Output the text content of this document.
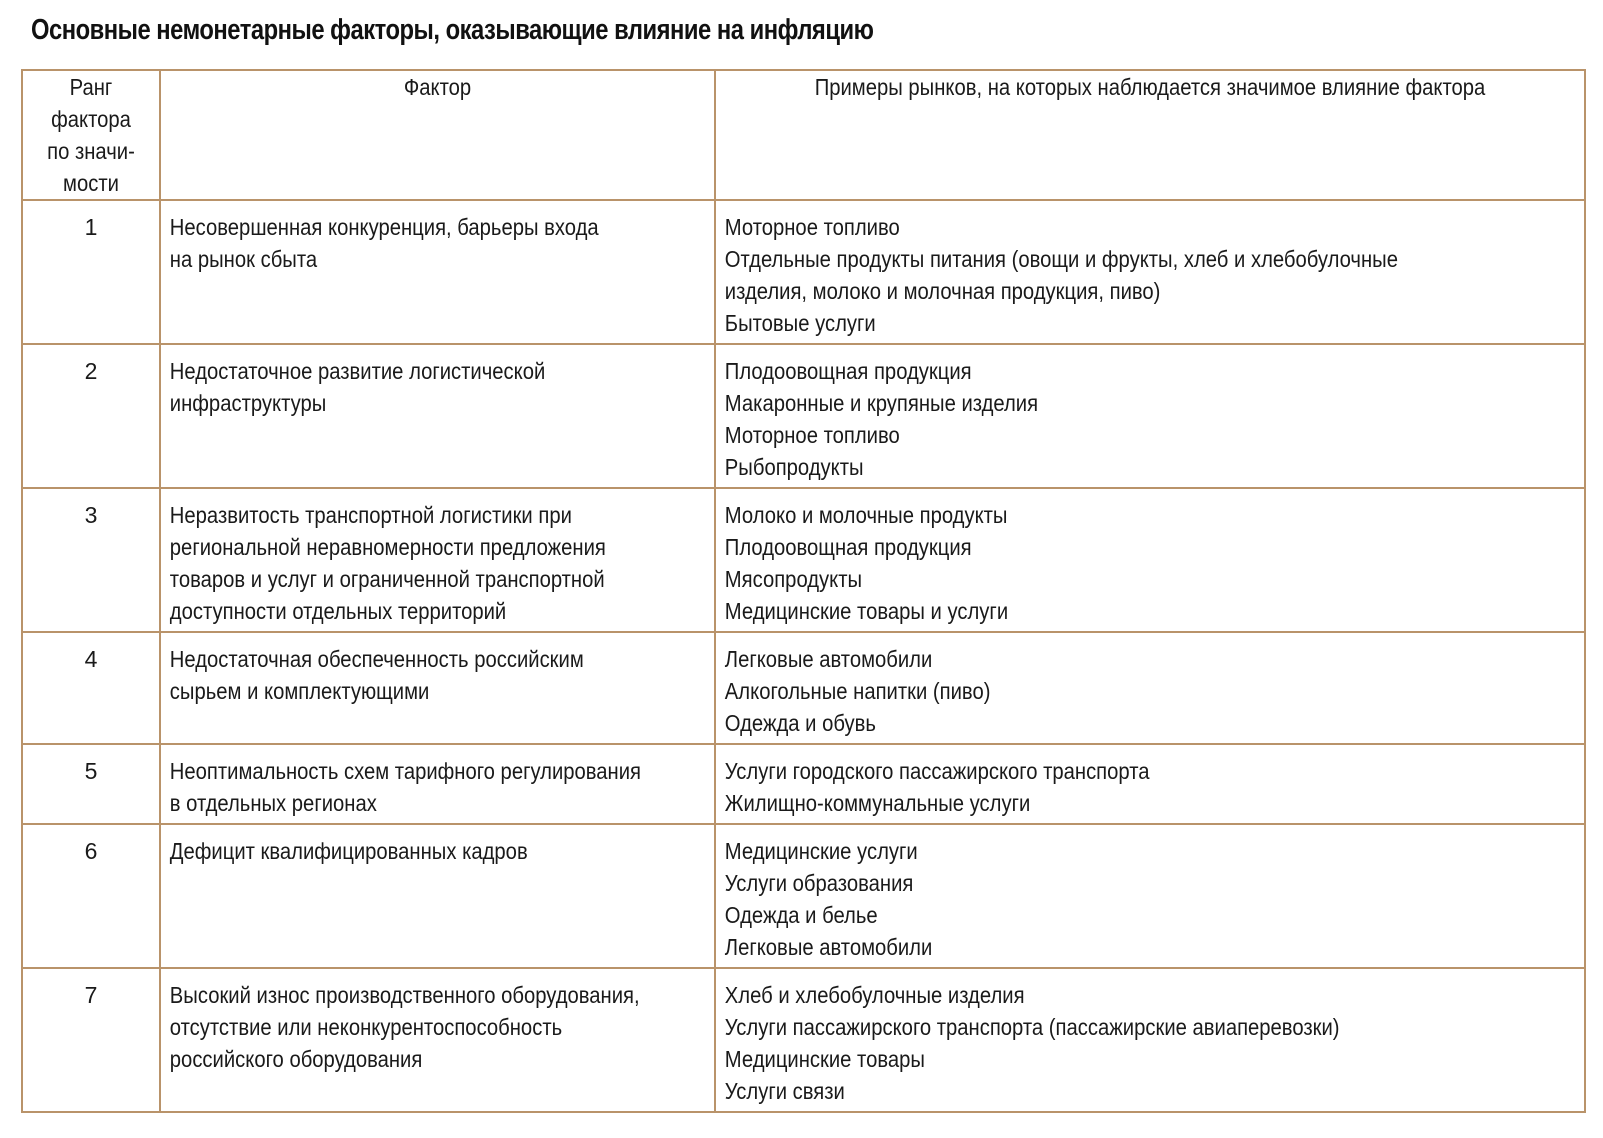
Основные немонетарные факторы, оказывающие влияние на инфляцию
Ранг
фактора
по значи-
мости	Фактор	Примеры рынков, на которых наблюдается значимое влияние фактора

1	Несовершенная конкуренция, барьеры входа
на рынок сбыта	Моторное топливо
Отдельные продукты питания (овощи и фрукты, хлеб и хлебобулочные
изделия, молоко и молочная продукция, пиво)
Бытовые услуги

2	Недостаточное развитие логистической
инфраструктуры	Плодоовощная продукция
Макаронные и крупяные изделия
Моторное топливо
Рыбопродукты

3	Неразвитость транспортной логистики при
региональной неравномерности предложения
товаров и услуг и ограниченной транспортной
доступности отдельных территорий	Молоко и молочные продукты
Плодоовощная продукция
Мясопродукты
Медицинские товары и услуги

4	Недостаточная обеспеченность российским
сырьем и комплектующими	Легковые автомобили
Алкогольные напитки (пиво)
Одежда и обувь

5	Неоптимальность схем тарифного регулирования
в отдельных регионах	Услуги городского пассажирского транспорта
Жилищно-коммунальные услуги

6	Дефицит квалифицированных кадров	Медицинские услуги
Услуги образования
Одежда и белье
Легковые автомобили

7	Высокий износ производственного оборудования,
отсутствие или неконкурентоспособность
российского оборудования	Хлеб и хлебобулочные изделия
Услуги пассажирского транспорта (пассажирские авиаперевозки)
Медицинские товары
Услуги связи
